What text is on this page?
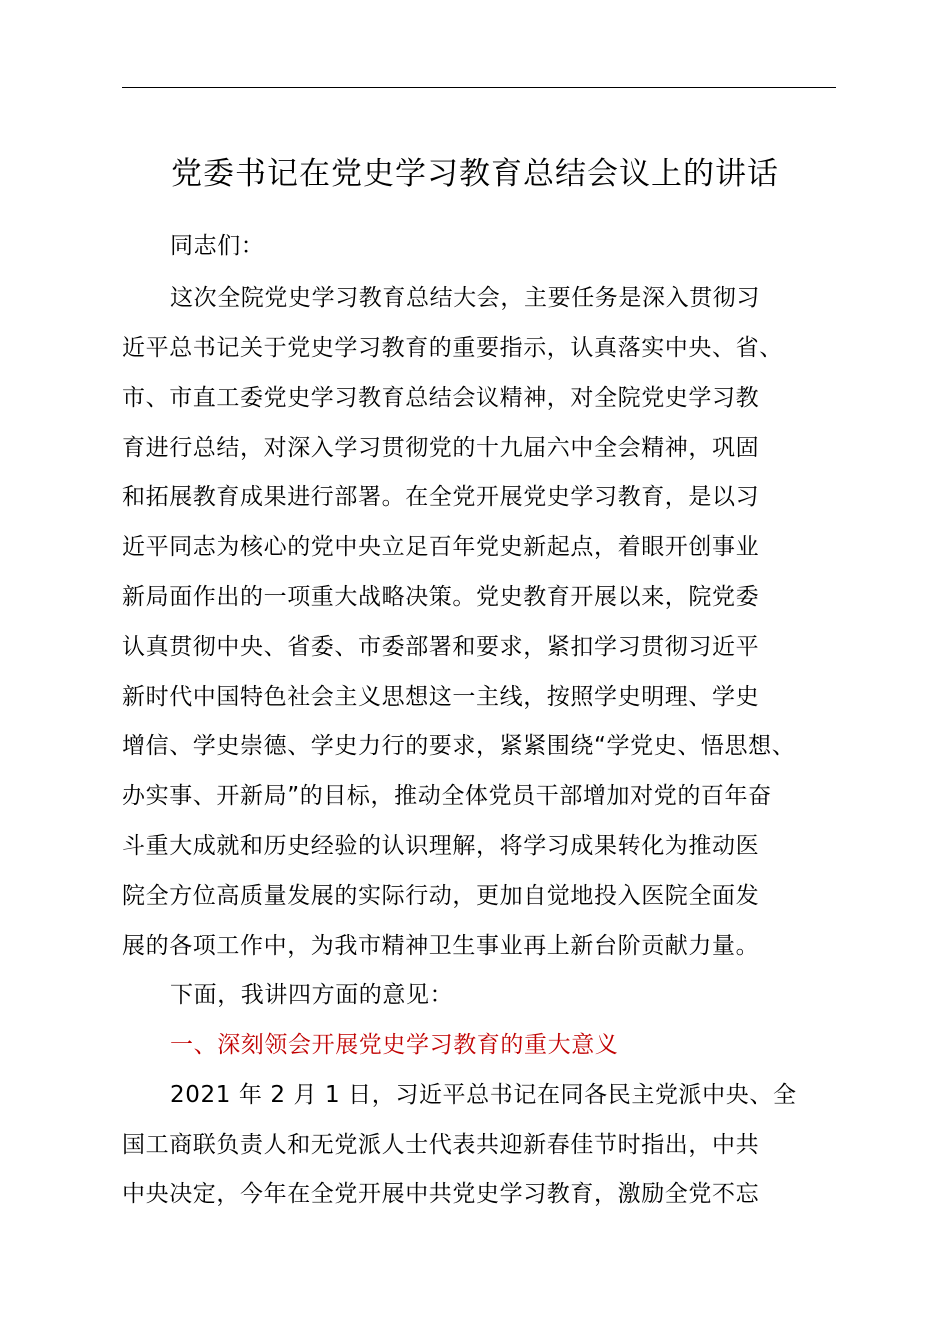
党委书记在党史学习教育总结会议上的讲话
同志们：
这次全院党史学习教育总结大会，主要任务是深入贯彻习
近平总书记关于党史学习教育的重要指示，认真落实中央、省、
市、市直工委党史学习教育总结会议精神，对全院党史学习教
育进行总结，对深入学习贯彻党的十九届六中全会精神，巩固
和拓展教育成果进行部署。在全党开展党史学习教育，是以习
近平同志为核心的党中央立足百年党史新起点，着眼开创事业
新局面作出的一项重大战略决策。党史教育开展以来，院党委
认真贯彻中央、省委、市委部署和要求，紧扣学习贯彻习近平
新时代中国特色社会主义思想这一主线，按照学史明理、学史
增信、学史崇德、学史力行的要求，紧紧围绕“学党史、悟思想、
办实事、开新局”的目标，推动全体党员干部增加对党的百年奋
斗重大成就和历史经验的认识理解，将学习成果转化为推动医
院全方位高质量发展的实际行动，更加自觉地投入医院全面发
展的各项工作中，为我市精神卫生事业再上新台阶贡献力量。
下面，我讲四方面的意见：
一、深刻领会开展党史学习教育的重大意义
2021 年 2 月 1 日，习近平总书记在同各民主党派中央、全
国工商联负责人和无党派人士代表共迎新春佳节时指出，中共
中央决定，今年在全党开展中共党史学习教育，激励全党不忘
